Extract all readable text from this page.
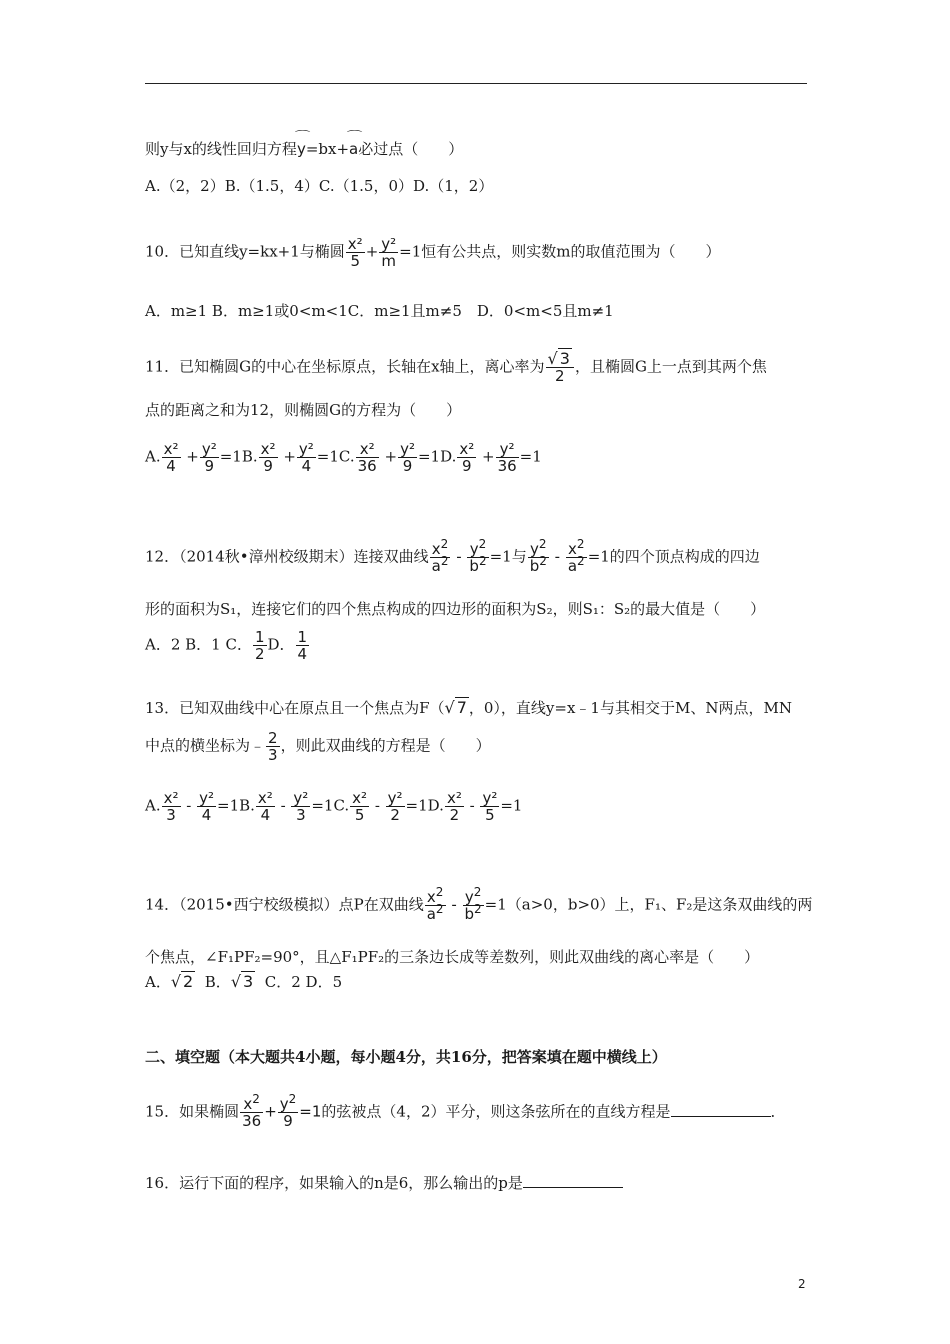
则y与x的线性回归方程⌒ y=bx+⌒ a必过点（　　）
A.（2，2）B.（1.5，4）C.（1.5，0）D.（1，2）
10．已知直线y=kx+1与椭圆 $\frac{\text{x²}}{5} + \frac{\text{y²}}{m} =1$恒有公共点，则实数m的取值范围为（　　）
A．m≥1 B．m≥1或0<m<1C．m≥1且m≠5　D．0<m<5且m≠1
11．已知椭圆G的中心在坐标原点，长轴在x轴上，离心率为 $\frac{√ 3}{2}$ ，且椭圆G上一点到其两个焦
点的距离之和为12，则椭圆G的方程为（　　）
A. $\frac{\text{x²}}{4} + \frac{\text{y²}}{9} =1B$. $\frac{\text{x²}}{9} + \frac{\text{y²}}{4} =1C$. $\frac{\text{x²}}{36} + \frac{\text{y²}}{9} =1D$. $\frac{\text{x²}}{9} + \frac{\text{y²}}{36} =1$
12．（2014秋•漳州校级期末）连接双曲线 $\frac{x^2}{a^2} - \frac{y^2}{b^2} =1$与 $\frac{y^2}{b^2} - \frac{x^2}{a^2} =1$的四个顶点构成的四边
形的面积为S₁，连接它们的四个焦点构成的四边形的面积为S₂，则S₁：S₂的最大值是（　　）
A．2 B．1 C． $\frac{1}{2}$ D． $\frac{1}{4}$
13．已知双曲线中心在原点且一个焦点为F（√ 7 ，0），直线y=x﹣1与其相交于M、N两点，MN
中点的横坐标为﹣ $\frac{2}{3}$ ，则此双曲线的方程是（　　）
A. $\frac{\text{x²}}{3} - \frac{\text{y²}}{4} =1B$. $\frac{\text{x²}}{4} - \frac{\text{y²}}{3} =1C$. $\frac{\text{x²}}{5} - \frac{\text{y²}}{2} =1D$. $\frac{\text{x²}}{2} - \frac{\text{y²}}{5} =1$
14．（2015•西宁校级模拟）点P在双曲线 $\frac{x^2}{a^2} - \frac{y^2}{b^2} =1(a>0$，b>0）上，F₁、F₂是这条双曲线的两
个焦点，∠F₁PF₂=90°，且△F₁PF₂的三条边长成等差数列，则此双曲线的离心率是（　　）
A．√ 2 B．√ 3 C．2 D．5
二、填空题（本大题共4小题，每小题4分，共16分，把答案填在题中横线上）
15．如果椭圆 $\frac{x^2}{36} + \frac{y^2}{9} =1$的弦被点（4，2）平分，则这条弦所在的直线方程是	．
16．运行下面的程序，如果输入的n是6，那么输出的p是
2
